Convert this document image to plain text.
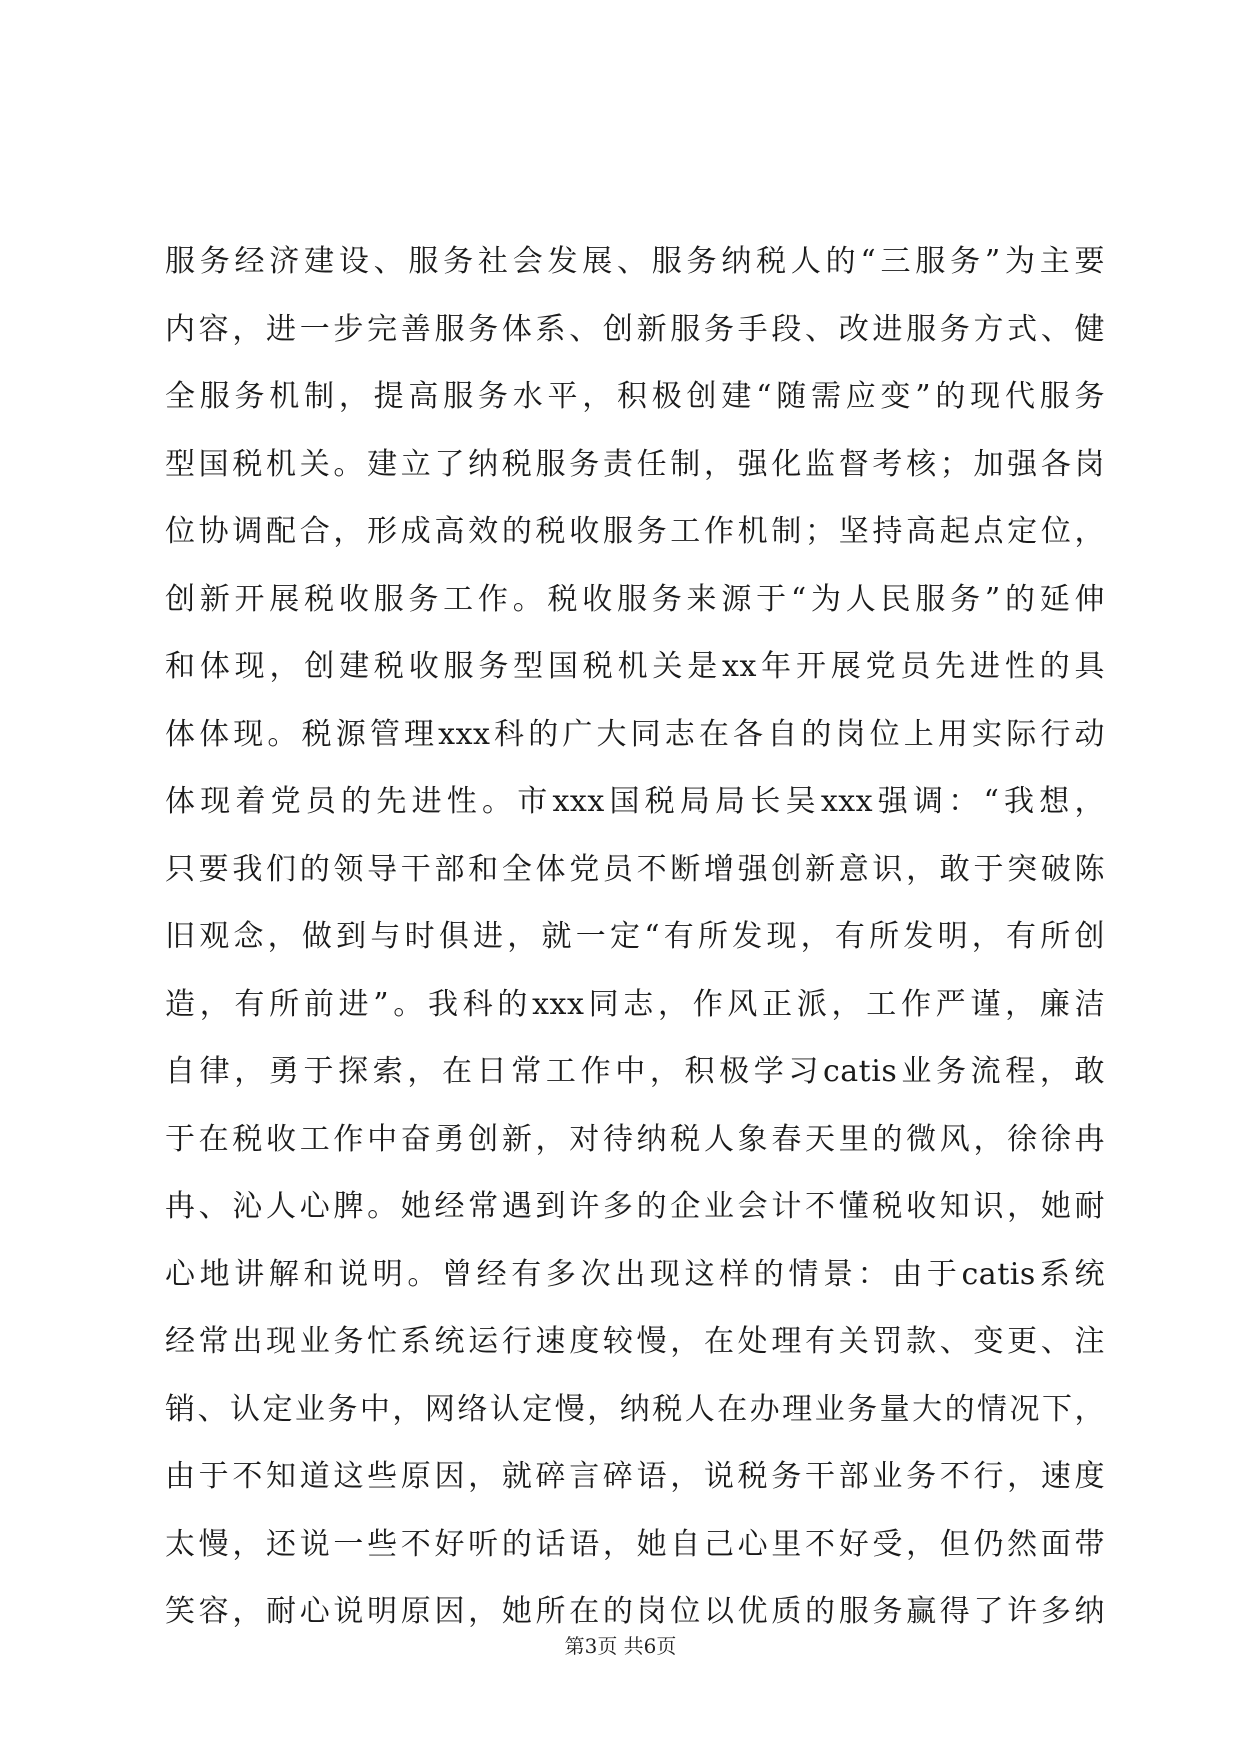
服务经济建设、服务社会发展、服务纳税人的“三服务”为主要
内容，进一步完善服务体系、创新服务手段、改进服务方式、健
全服务机制，提高服务水平，积极创建“随需应变”的现代服务
型国税机关。建立了纳税服务责任制，强化监督考核；加强各岗
位协调配合，形成高效的税收服务工作机制；坚持高起点定位，
创新开展税收服务工作。税收服务来源于“为人民服务”的延伸
和体现，创建税收服务型国税机关是xx年开展党员先进性的具
体体现。税源管理xxx科的广大同志在各自的岗位上用实际行动
体现着党员的先进性。市xxx国税局局长吴xxx强调：“我想，
只要我们的领导干部和全体党员不断增强创新意识，敢于突破陈
旧观念，做到与时俱进，就一定“有所发现，有所发明，有所创
造，有所前进”。我科的xxx同志，作风正派，工作严谨，廉洁
自律，勇于探索，在日常工作中，积极学习catis业务流程，敢
于在税收工作中奋勇创新，对待纳税人象春天里的微风，徐徐冉
冉、沁人心脾。她经常遇到许多的企业会计不懂税收知识，她耐
心地讲解和说明。曾经有多次出现这样的情景：由于catis系统
经常出现业务忙系统运行速度较慢，在处理有关罚款、变更、注
销、认定业务中，网络认定慢，纳税人在办理业务量大的情况下，
由于不知道这些原因，就碎言碎语，说税务干部业务不行，速度
太慢，还说一些不好听的话语，她自己心里不好受，但仍然面带
笑容，耐心说明原因，她所在的岗位以优质的服务赢得了许多纳
第3页 共6页
